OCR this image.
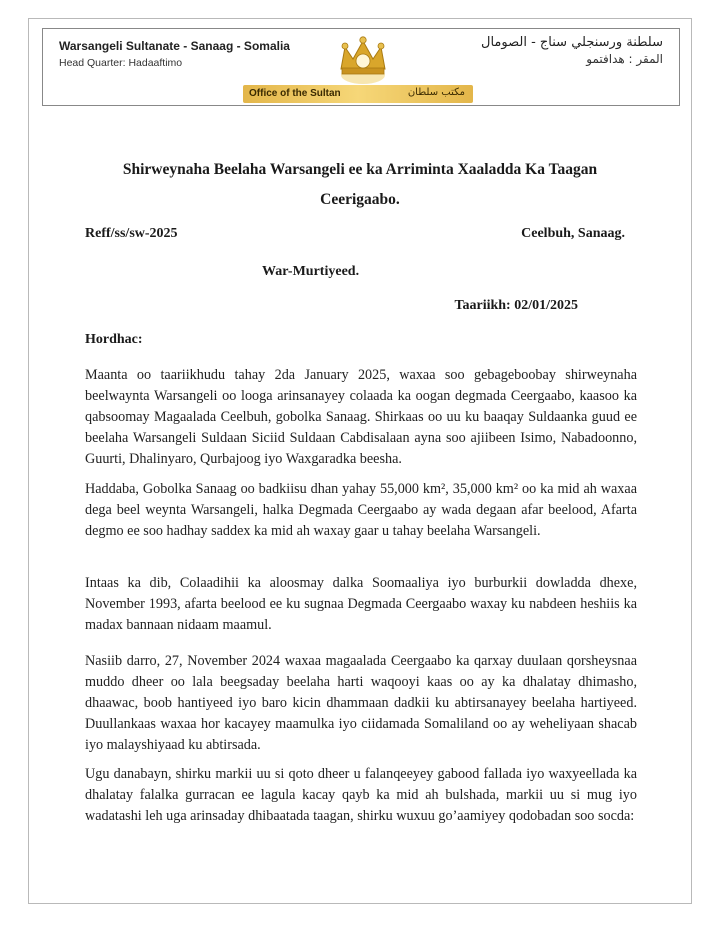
Warsangeli Sultanate - Sanaag - Somalia
Head Quarter: Hadaaftimo
Office of the Sultan	مكتب سلطان
سلطنة ورسنجلي سناج - الصومال
المقر : هدافتمو
Shirweynaha Beelaha Warsangeli ee ka Arriminta Xaaladda Ka Taagan
Ceerigaabo.
Reff/ss/sw-2025	Ceelbuh, Sanaag.
War-Murtiyeed.
Taariikh: 02/01/2025
Hordhac:
Maanta oo taariikhudu tahay 2da January 2025, waxaa soo gebageboobay shirweynaha beelwaynta Warsangeli oo looga arinsanayey colaada ka oogan degmada Ceergaabo, kaasoo ka qabsoomay Magaalada Ceelbuh, gobolka Sanaag. Shirkaas oo uu ku baaqay Suldaanka guud ee beelaha Warsangeli Suldaan Siciid Suldaan Cabdisalaan ayna soo ajiibeen Isimo, Nabadoonno, Guurti, Dhalinyaro, Qurbajoog iyo Waxgaradka beesha.
Haddaba, Gobolka Sanaag oo badkiisu dhan yahay 55,000 km², 35,000 km² oo ka mid ah waxaa dega beel weynta Warsangeli, halka Degmada Ceergaabo ay wada degaan afar beelood, Afarta degmo ee soo hadhay saddex ka mid ah waxay gaar u tahay beelaha Warsangeli.
Intaas ka dib, Colaadihii ka aloosmay dalka Soomaaliya iyo burburkii dowladda dhexe, November 1993, afarta beelood ee ku sugnaa Degmada Ceergaabo waxay ku nabdeen heshiis ka madax bannaan nidaam maamul.
Nasiib darro, 27, November 2024 waxaa magaalada Ceergaabo ka qarxay duulaan qorsheysnaa muddo dheer oo lala beegsaday beelaha harti waqooyi kaas oo ay ka dhalatay dhimasho, dhaawac, boob hantiyeed iyo baro kicin dhammaan dadkii ku abtirsanayey beelaha hartiyeed. Duullankaas waxaa hor kacayey maamulka iyo ciidamada Somaliland oo ay weheliyaan shacab iyo malayshiyaad ku abtirsada.
Ugu danabayn, shirku markii uu si qoto dheer u falanqeeyey gabood fallada iyo waxyeellada ka dhalatay falalka gurracan ee lagula kacay qayb ka mid ah bulshada, markii uu si mug iyo wadatashi leh uga arinsaday dhibaatada taagan, shirku wuxuu go’aamiyey qodobadan soo socda:
